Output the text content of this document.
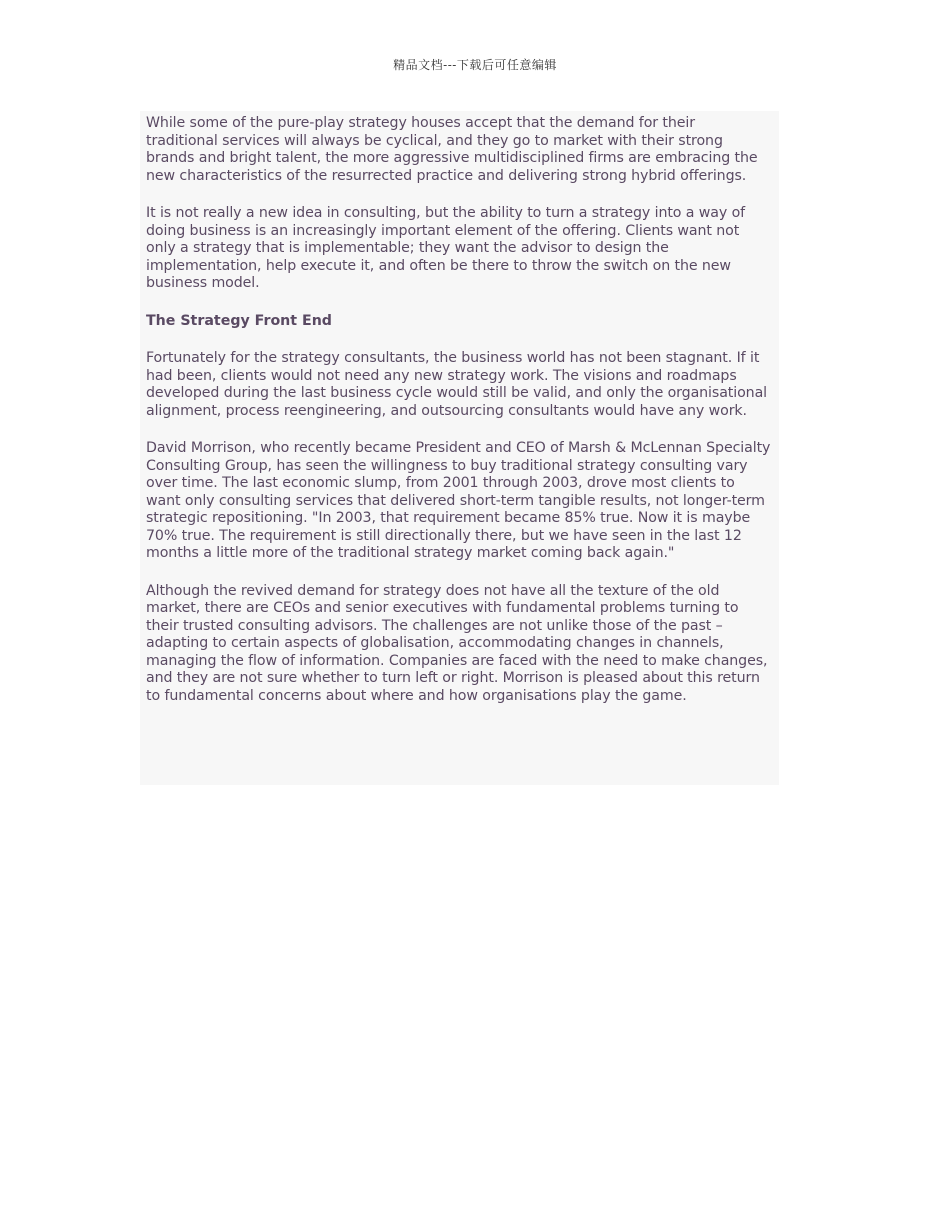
精品文档---下载后可任意编辑

While some of the pure-play strategy houses accept that the demand for their traditional services will always be cyclical, and they go to market with their strong brands and bright talent, the more aggressive multidisciplined firms are embracing the new characteristics of the resurrected practice and delivering strong hybrid offerings.

It is not really a new idea in consulting, but the ability to turn a strategy into a way of doing business is an increasingly important element of the offering. Clients want not only a strategy that is implementable; they want the advisor to design the implementation, help execute it, and often be there to throw the switch on the new business model.

The Strategy Front End

Fortunately for the strategy consultants, the business world has not been stagnant. If it had been, clients would not need any new strategy work. The visions and roadmaps developed during the last business cycle would still be valid, and only the organisational alignment, process reengineering, and outsourcing consultants would have any work.

David Morrison, who recently became President and CEO of Marsh & McLennan Specialty Consulting Group, has seen the willingness to buy traditional strategy consulting vary over time. The last economic slump, from 2001 through 2003, drove most clients to want only consulting services that delivered short-term tangible results, not longer-term strategic repositioning. "In 2003, that requirement became 85% true. Now it is maybe 70% true. The requirement is still directionally there, but we have seen in the last 12 months a little more of the traditional strategy market coming back again."

Although the revived demand for strategy does not have all the texture of the old market, there are CEOs and senior executives with fundamental problems turning to their trusted consulting advisors. The challenges are not unlike those of the past – adapting to certain aspects of globalisation, accommodating changes in channels, managing the flow of information. Companies are faced with the need to make changes, and they are not sure whether to turn left or right. Morrison is pleased about this return to fundamental concerns about where and how organisations play the game.
